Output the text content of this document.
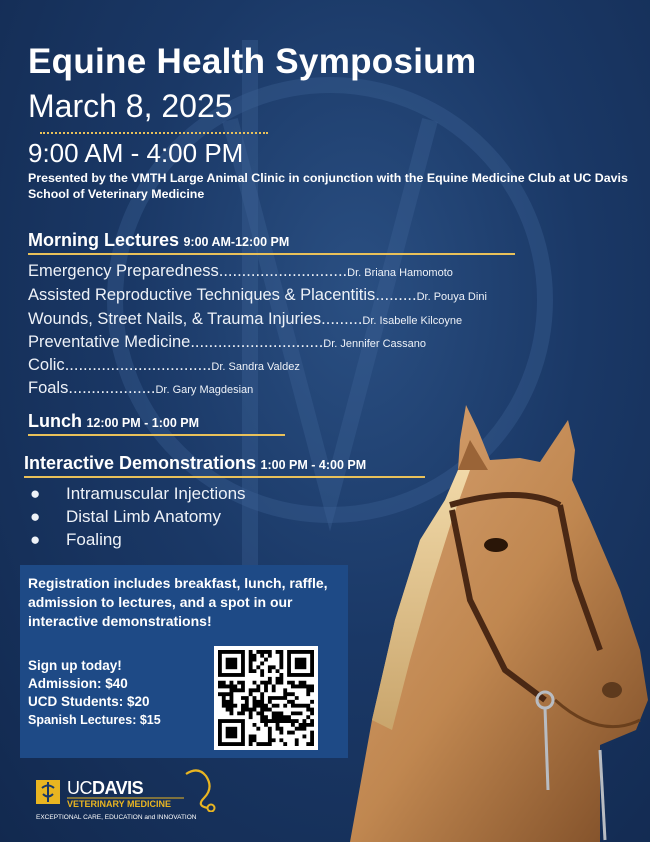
Equine Health Symposium
March 8, 2025
9:00 AM - 4:00 PM
Presented by the VMTH Large Animal Clinic in conjunction with the Equine Medicine Club at UC Davis School of Veterinary Medicine
Morning Lectures 9:00 AM-12:00 PM
Emergency Preparedness............................Dr. Briana Hamomoto
Assisted Reproductive Techniques & Placentitis.........Dr. Pouya Dini
Wounds, Street Nails, & Trauma Injuries.........Dr. Isabelle Kilcoyne
Preventative Medicine.............................Dr. Jennifer Cassano
Colic................................Dr. Sandra Valdez
Foals...................Dr. Gary Magdesian
Lunch 12:00 PM - 1:00 PM
Interactive Demonstrations 1:00 PM - 4:00 PM
● Intramuscular Injections
● Distal Limb Anatomy
● Foaling
Registration includes breakfast, lunch, raffle, admission to lectures, and a spot in our interactive demonstrations!
Sign up today!
Admission: $40
UCD Students: $20
Spanish Lectures: $15
UCDAVIS
VETERINARY MEDICINE
EXCEPTIONAL CARE, EDUCATION and INNOVATION
